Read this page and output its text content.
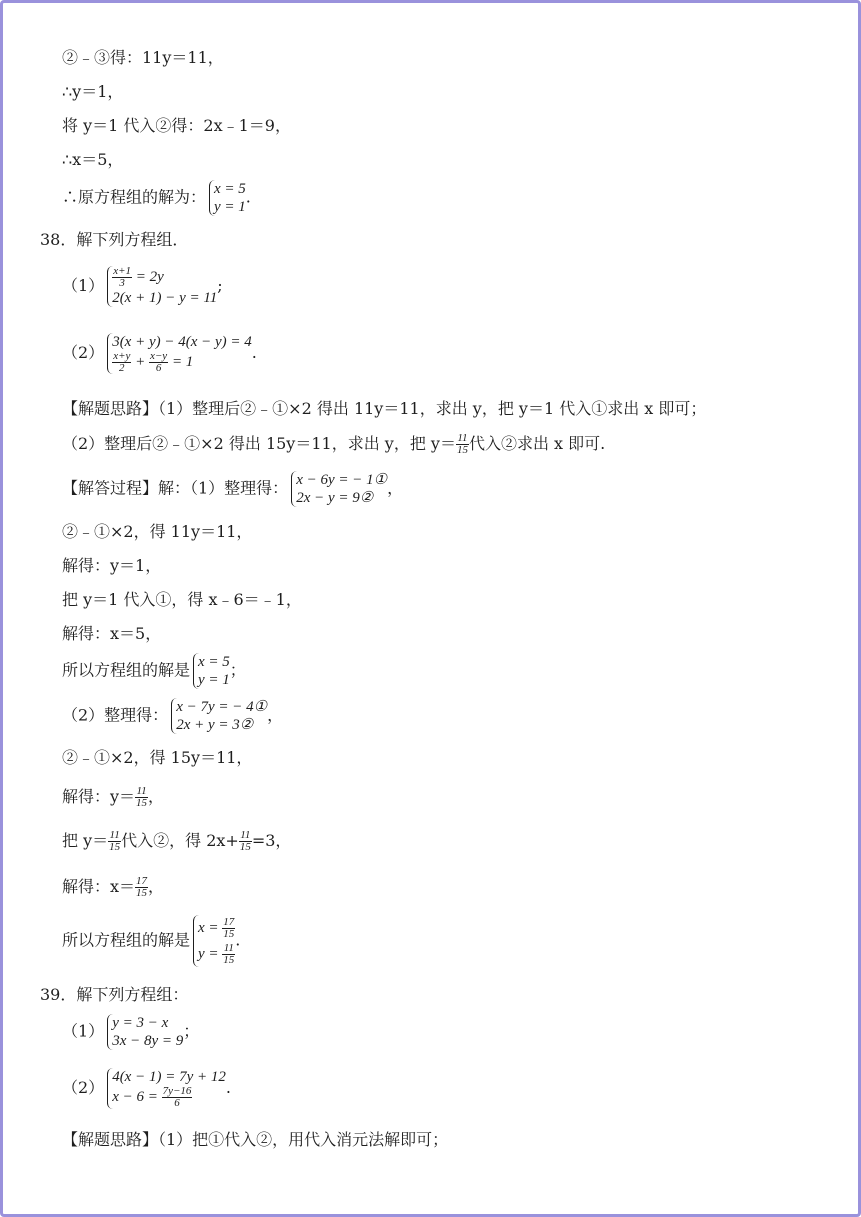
②﹣③得：11y＝11，
∴y＝1，
将 y＝1 代入②得：2x﹣1＝9，
∴x＝5，
∴原方程组的解为： x = 5
y = 1
.
38．解下列方程组．
$(1) \frac{x+1}{3} = 2y$
2(x + 1) − y = 11
;
（2）
3(x + y) − 4(x − y) = 4
$\frac{x+y}{2} + \frac{x-y}{6} = 1$	.
【解题思路】（1）整理后②﹣①×2 得出 11y＝11，求出 y，把 y＝1 代入①求出 x 即可；
（2）整理后②﹣①×2 得出 15y＝11，求出 y，把 $y= \frac{11}{15}$ 代入②求出 x 即可.
【解答过程】解：（1）整理得： x − 6y = − 1①
2x − y = 9②
，
②﹣①×2，得 11y＝11，
解得：y＝1，
把 y＝1 代入①，得 x﹣6＝﹣1，
解得：x＝5，
所以方程组的解是 x = 5
y = 1
；
（2）整理得： x − 7y = − 4①
2x + y = 3②
，
②﹣①×2，得 15y＝11，
解得：$y= \frac{11}{15}$ ，
把 $y= \frac{11}{15}$ 代入②，得 $2x+ \frac{11}{15} =3$，
解得：$x= \frac{17}{15}$ ，
所以方程组的解是
$x = \frac{17}{15}$
$y = \frac{11}{15}$
.
39．解下列方程组：
（1） y = 3 − x
3x − 8y = 9
；
（2）
4(x − 1) = 7y + 12
$x - 6 = \frac{7y-16}{6}$ .
【解题思路】（1）把①代入②，用代入消元法解即可；
